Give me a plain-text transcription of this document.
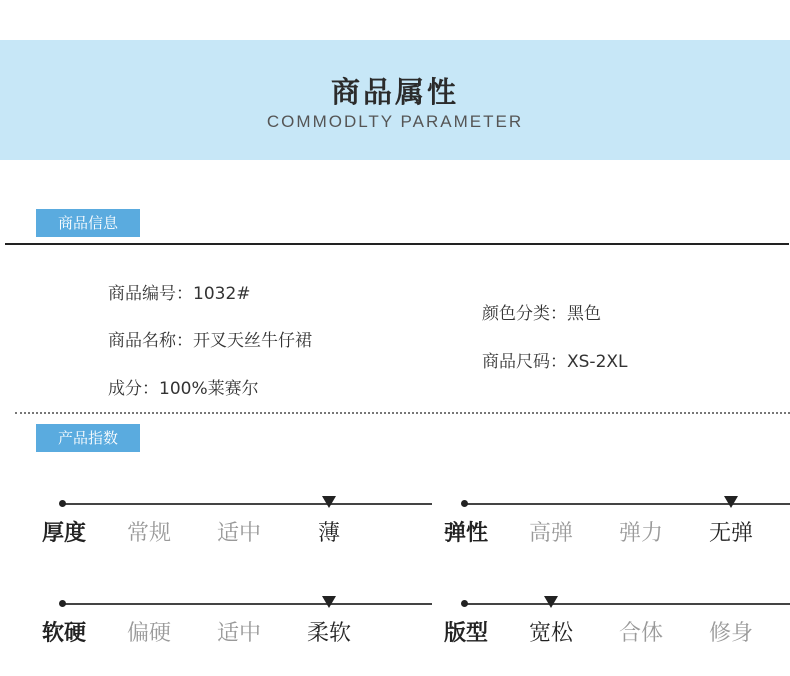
商品属性
COMMODLTY PARAMETER
商品信息
商品编号：1032#
商品名称：开叉天丝牛仔裙
成分：100%莱赛尔
颜色分类：黑色
商品尺码：XS-2XL
产品指数
厚度 常规 适中	薄	弹性 高弹 弹力 无弹
软硬 偏硬 适中 柔软	版型 宽松 合体 修身
